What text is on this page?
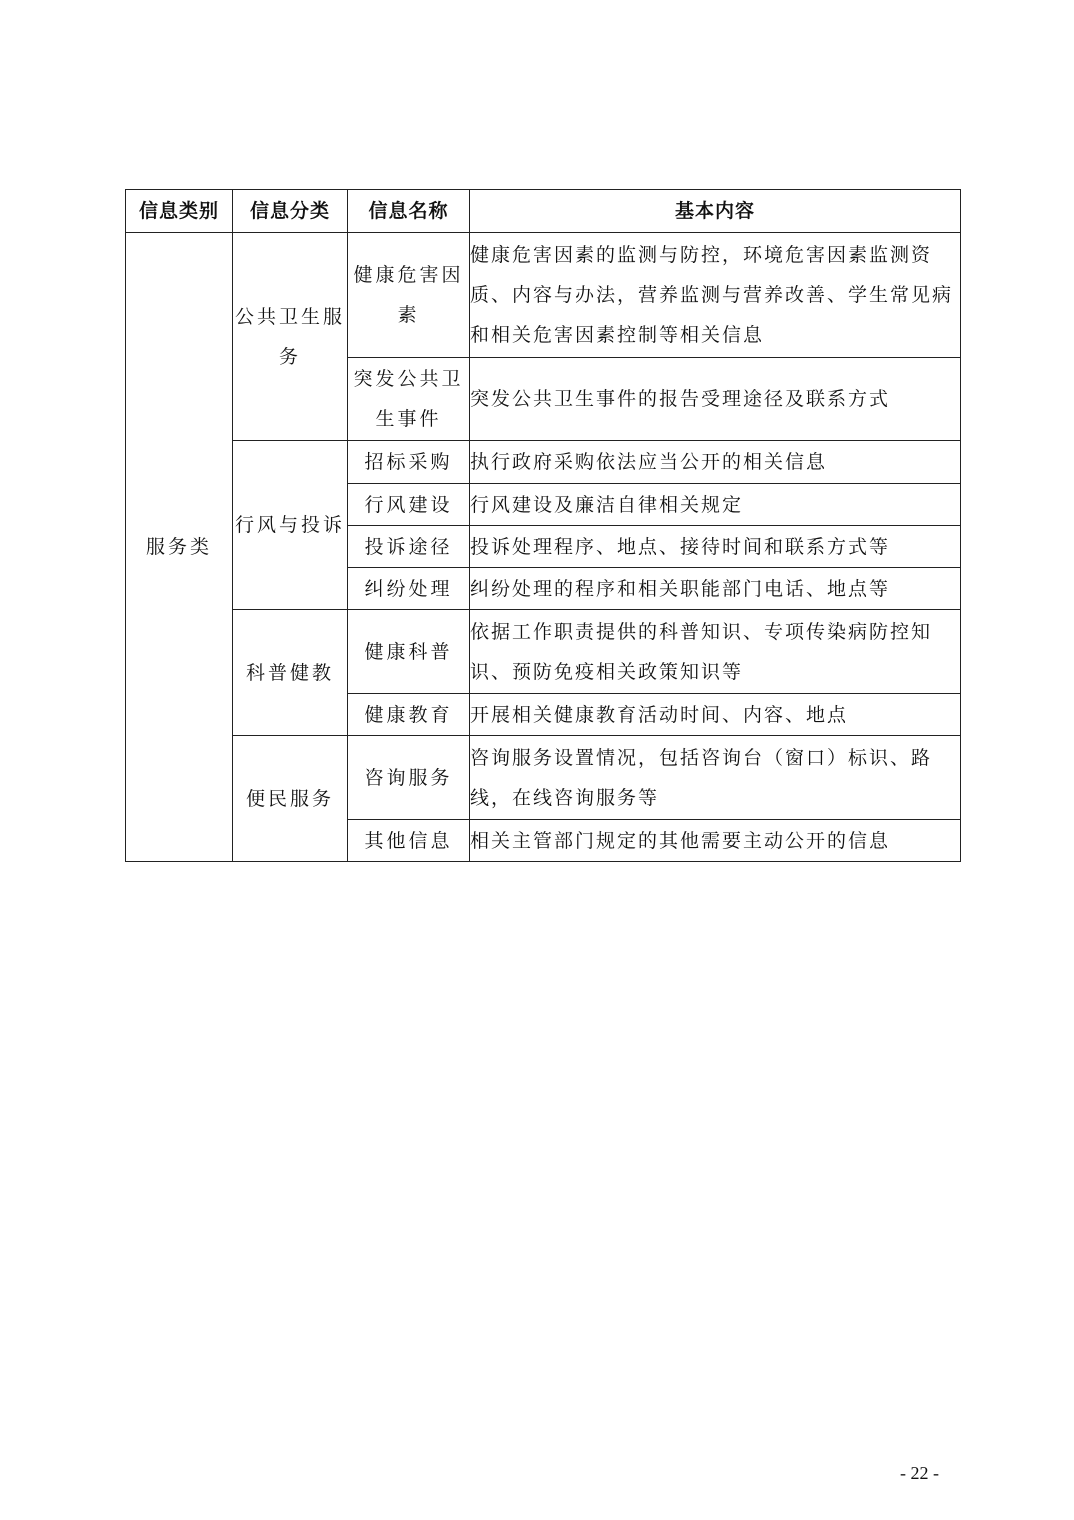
信息类别	信息分类	信息名称	基本内容
服务类	公共卫生服务	健康危害因素	健康危害因素的监测与防控，环境危害因素监测资质、内容与办法，营养监测与营养改善、学生常见病和相关危害因素控制等相关信息
		突发公共卫生事件	突发公共卫生事件的报告受理途径及联系方式
	行风与投诉	招标采购	执行政府采购依法应当公开的相关信息
		行风建设	行风建设及廉洁自律相关规定
		投诉途径	投诉处理程序、地点、接待时间和联系方式等
		纠纷处理	纠纷处理的程序和相关职能部门电话、地点等
	科普健教	健康科普	依据工作职责提供的科普知识、专项传染病防控知识、预防免疫相关政策知识等
		健康教育	开展相关健康教育活动时间、内容、地点
	便民服务	咨询服务	咨询服务设置情况，包括咨询台（窗口）标识、路线，在线咨询服务等
		其他信息	相关主管部门规定的其他需要主动公开的信息
- 22 -
